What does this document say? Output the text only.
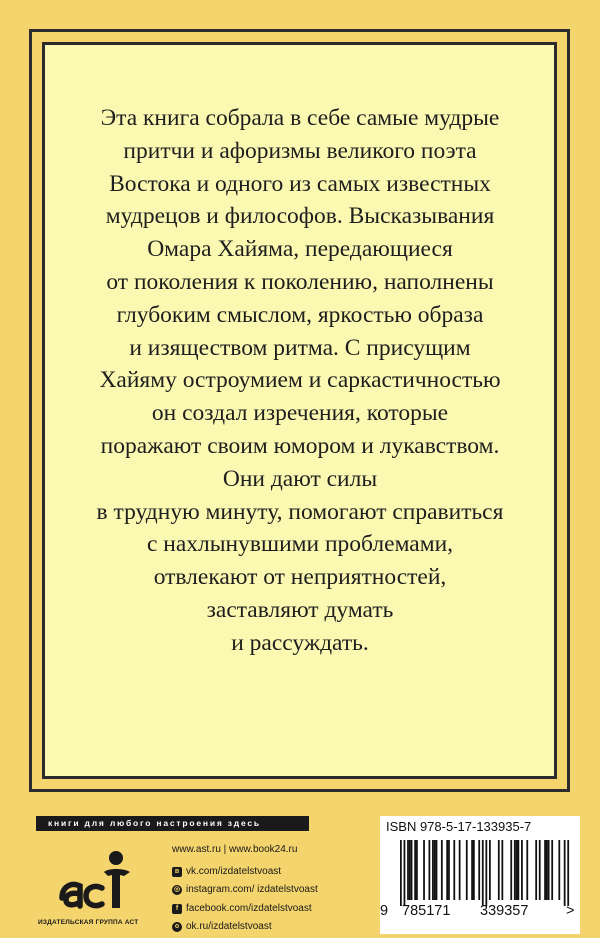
Эта книга собрала в себе самые мудрые

притчи и афоризмы великого поэта

Востока и одного из самых известных

мудрецов и философов. Высказывания

Омара Хайяма, передающиеся

от поколения к поколению, наполнены

глубоким смыслом, яркостью образа

и изяществом ритма. С присущим

Хайяму остроумием и саркастичностью

он создал изречения, которые

поражают своим юмором и лукавством.

Они дают силы

в трудную минуту, помогают справиться

с нахлынувшими проблемами,

отвлекают от неприятностей,

заставляют думать

и рассуждать.

книги для любого настроения здесь
ИЗДАТЕЛЬСКАЯ ГРУППА АСТ
www.ast.ru | www.book24.ru
в vk.com/izdatelstvoast
◎ instagram.com/ izdatelstvoast
f facebook.com/izdatelstvoast
о ok.ru/izdatelstvoast
ISBN 978-5-17-133935-7
9 785171 339357	>
